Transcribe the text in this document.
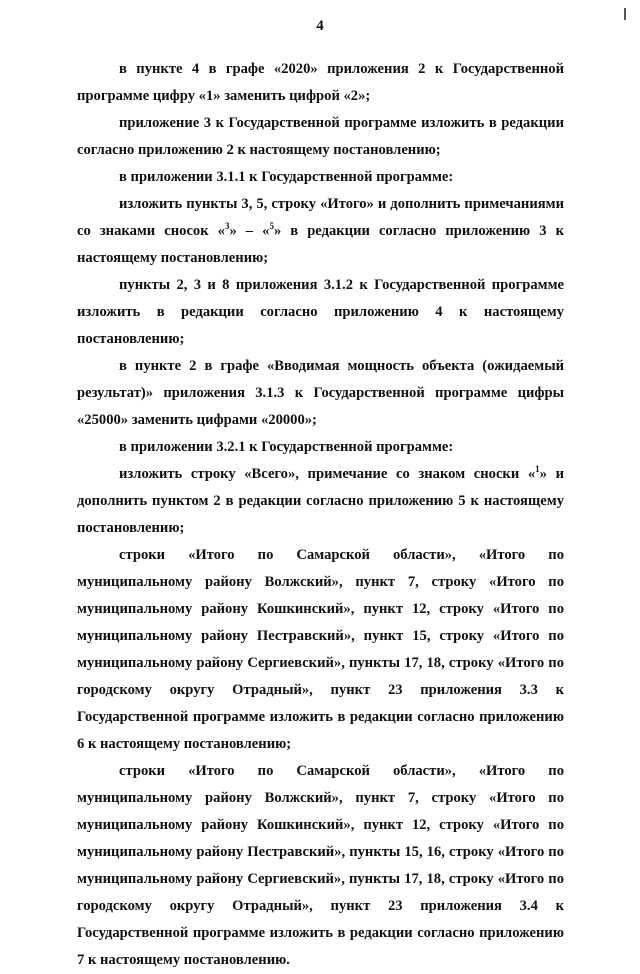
4

в пункте 4 в графе «2020» приложения 2 к Государственной программе цифру «1» заменить цифрой «2»;

приложение 3 к Государственной программе изложить в редакции согласно приложению 2 к настоящему постановлению;

в приложении 3.1.1 к Государственной программе:

изложить пункты 3, 5, строку «Итого» и дополнить примечаниями со знаками сносок «$^3$» – «$^5$» в редакции согласно приложению 3 к настоящему постановлению;

пункты 2, 3 и 8 приложения 3.1.2 к Государственной программе изложить в редакции согласно приложению 4 к настоящему постановлению;

в пункте 2 в графе «Вводимая мощность объекта (ожидаемый результат)» приложения 3.1.3 к Государственной программе цифры «25000» заменить цифрами «20000»;

в приложении 3.2.1 к Государственной программе:

изложить строку «Всего», примечание со знаком сноски «$^1$» и дополнить пунктом 2 в редакции согласно приложению 5 к настоящему постановлению;

строки «Итого по Самарской области», «Итого по муниципальному району Волжский», пункт 7, строку «Итого по муниципальному району Кошкинский», пункт 12, строку «Итого по муниципальному району Пестравский», пункт 15, строку «Итого по муниципальному району Сергиевский», пункты 17, 18, строку «Итого по городскому округу Отрадный», пункт 23 приложения 3.3 к Государственной программе изложить в редакции согласно приложению 6 к настоящему постановлению;

строки «Итого по Самарской области», «Итого по муниципальному району Волжский», пункт 7, строку «Итого по муниципальному району Кошкинский», пункт 12, строку «Итого по муниципальному району Пестравский», пункты 15, 16, строку «Итого по муниципальному району Сергиевский», пункты 17, 18, строку «Итого по городскому округу Отрадный», пункт 23 приложения 3.4 к Государственной программе изложить в редакции согласно приложению 7 к настоящему постановлению.
